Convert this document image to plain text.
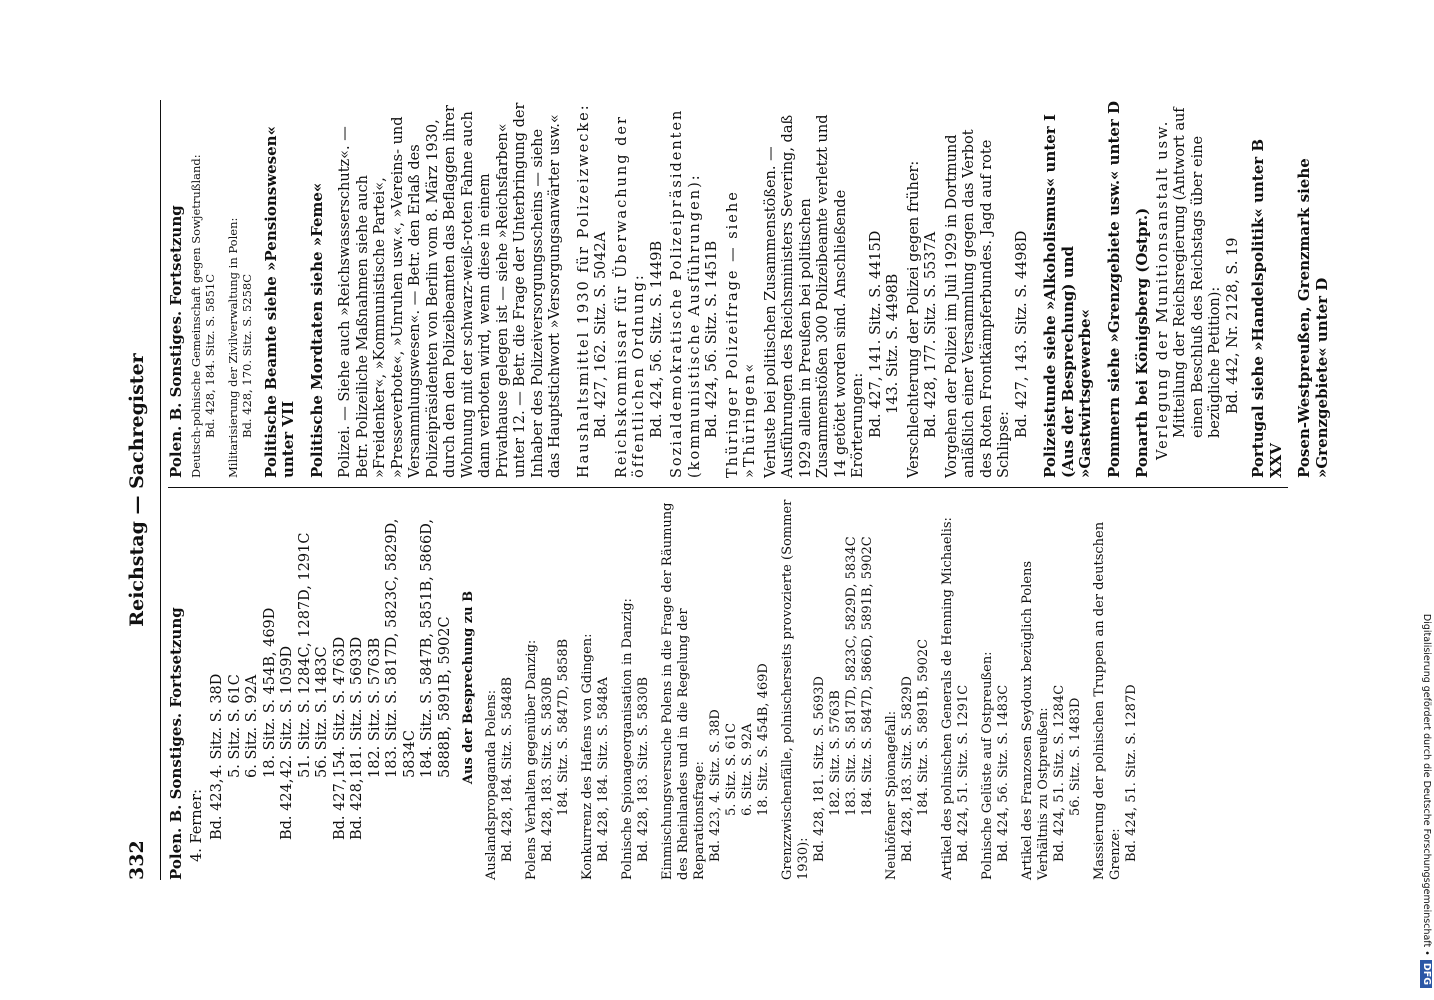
332
Reichstag — Sachregister
Polen. B. Sonstiges. Fortsetzung 4. Ferner: Bd. 423,
4. Sitz. S. 38D 5. Sitz. S. 61C 6. Sitz. S. 92A 18. Sitz. S. 454B, 469D
Bd. 424,
42. Sitz. S. 1059D 51. Sitz. S. 1284C, 1287D, 1291C 56. Sitz. S. 1483C
Bd. 427,
154. Sitz. S. 4763D
Bd. 428,
181. Sitz. S. 5693D 182. Sitz. S. 5763B 183. Sitz. S. 5817D, 5823C, 5829D, 5834C 184. Sitz. S. 5847B, 5851B, 5866D, 5888B, 5891B, 5902C Aus der Besprechung zu B
Auslandspropaganda Polens: Bd. 428, 184. Sitz. S. 5848B Polens Verhalten gegenüber Danzig: Bd. 428, 183. Sitz. S. 5830B 184. Sitz. S. 5847D, 5858B Konkurrenz des Hafens von Gdingen: Bd. 428, 184. Sitz. S. 5848A Polnische Spionageorganisation in Danzig: Bd. 428, 183. Sitz. S. 5830B Einmischungsversuche Polens in die Frage der Räumung des Rheinlandes und in die Regelung der Reparationsfrage: Bd. 423, 4. Sitz. S. 38D 5. Sitz. S. 61C 6. Sitz. S. 92A 18. Sitz. S. 454B, 469D Grenzzwischenfälle, polnischerseits provozierte (Sommer 1930): Bd. 428, 181. Sitz. S. 5693D 182. Sitz. S. 5763B 183. Sitz. S. 5817D, 5823C, 5829D, 5834C 184. Sitz. S. 5847D, 5866D, 5891B, 5902C Neuhöfener Spionagefall: Bd. 428, 183. Sitz. S. 5829D 184. Sitz. S. 5891B, 5902C Artikel des polnischen Generals de Henning Michaelis: Bd. 424, 51. Sitz. S. 1291C Polnische Gelüste auf Ostpreußen: Bd. 424, 56. Sitz. S. 1483C Artikel des Franzosen Seydoux bezüglich Polens Verhältnis zu Ostpreußen: Bd. 424, 51. Sitz. S. 1284C 56. Sitz. S. 1483D Massierung der polnischen Truppen an der deutschen Grenze: Bd. 424, 51. Sitz. S. 1287D
Polen. B. Sonstiges. Fortsetzung Deutsch-polnische Gemeinschaft gegen Sowjetrußland: Bd. 428, 184. Sitz. S. 5851C Militarisierung der Zivilverwaltung in Polen: Bd. 428, 170. Sitz. S. 5258C Politische Beamte siehe »Pensionswesen« unter VII Politische Mordtaten siehe »Feme« Polizei. — Siehe auch »Reichswasserschutz«. — Betr. Polizeiliche Maßnahmen siehe auch »Freidenker«, »Kommunistische Partei«, »Presseverbote«, »Unruhen usw.«, »Vereins- und Versammlungswesen«. — Betr. den Erlaß des Polizeipräsidenten von Berlin vom 8. März 1930, durch den den Polizeibeamten das Beflaggen ihrer Wohnung mit der schwarz-weiß-roten Fahne auch dann verboten wird, wenn diese in einem Privathause gelegen ist — siehe »Reichsfarben« unter 12. — Betr. die Frage der Unterbringung der Inhaber des Polizeiversorgungsscheins — siehe das Hauptstichwort »Versorgungsanwärter usw.« Haushaltsmittel 1930 für Polizeizwecke: Bd. 427, 162. Sitz. S. 5042A Reichskommissar für Überwachung der öffentlichen Ordnung: Bd. 424, 56. Sitz. S. 1449B Sozialdemokratische Polizeipräsidenten (kommunistische Ausführungen): Bd. 424, 56. Sitz. S. 1451B Thüringer Polizeifrage — siehe »Thüringen« Verluste bei politischen Zusammenstößen. — Ausführungen des Reichsministers Severing, daß 1929 allein in Preußen bei politischen Zusammenstößen 300 Polizeibeamte verletzt und 14 getötet worden sind. Anschließende Erörterungen: Bd. 427, 141. Sitz. S. 4415D 143. Sitz. S. 4498B Verschlechterung der Polizei gegen früher: Bd. 428, 177. Sitz. S. 5537A Vorgehen der Polizei im Juli 1929 in Dortmund anläßlich einer Versammlung gegen das Verbot des Roten Frontkämpferbundes. Jagd auf rote Schlipse:
Bd. 427, 143. Sitz. S. 4498D Polizeistunde siehe »Alkoholismus« unter I (Aus der Besprechung) und »Gastwirtsgewerbe« Pommern siehe »Grenzgebiete usw.« unter D Ponarth bei Königsberg (Ostpr.) Verlegung der Munitionsanstalt usw. Mitteilung der Reichsregierung (Antwort auf einen Beschluß des Reichstags über eine bezügliche Petition): Bd. 442, Nr. 2128, S. 19 Portugal siehe »Handelspolitik« unter B XXV Posen-Westpreußen, Grenzmark siehe »Grenzgebiete« unter D
Digitalisierung gefördert durch die Deutsche Forschungsgemeinschaft •DFG
